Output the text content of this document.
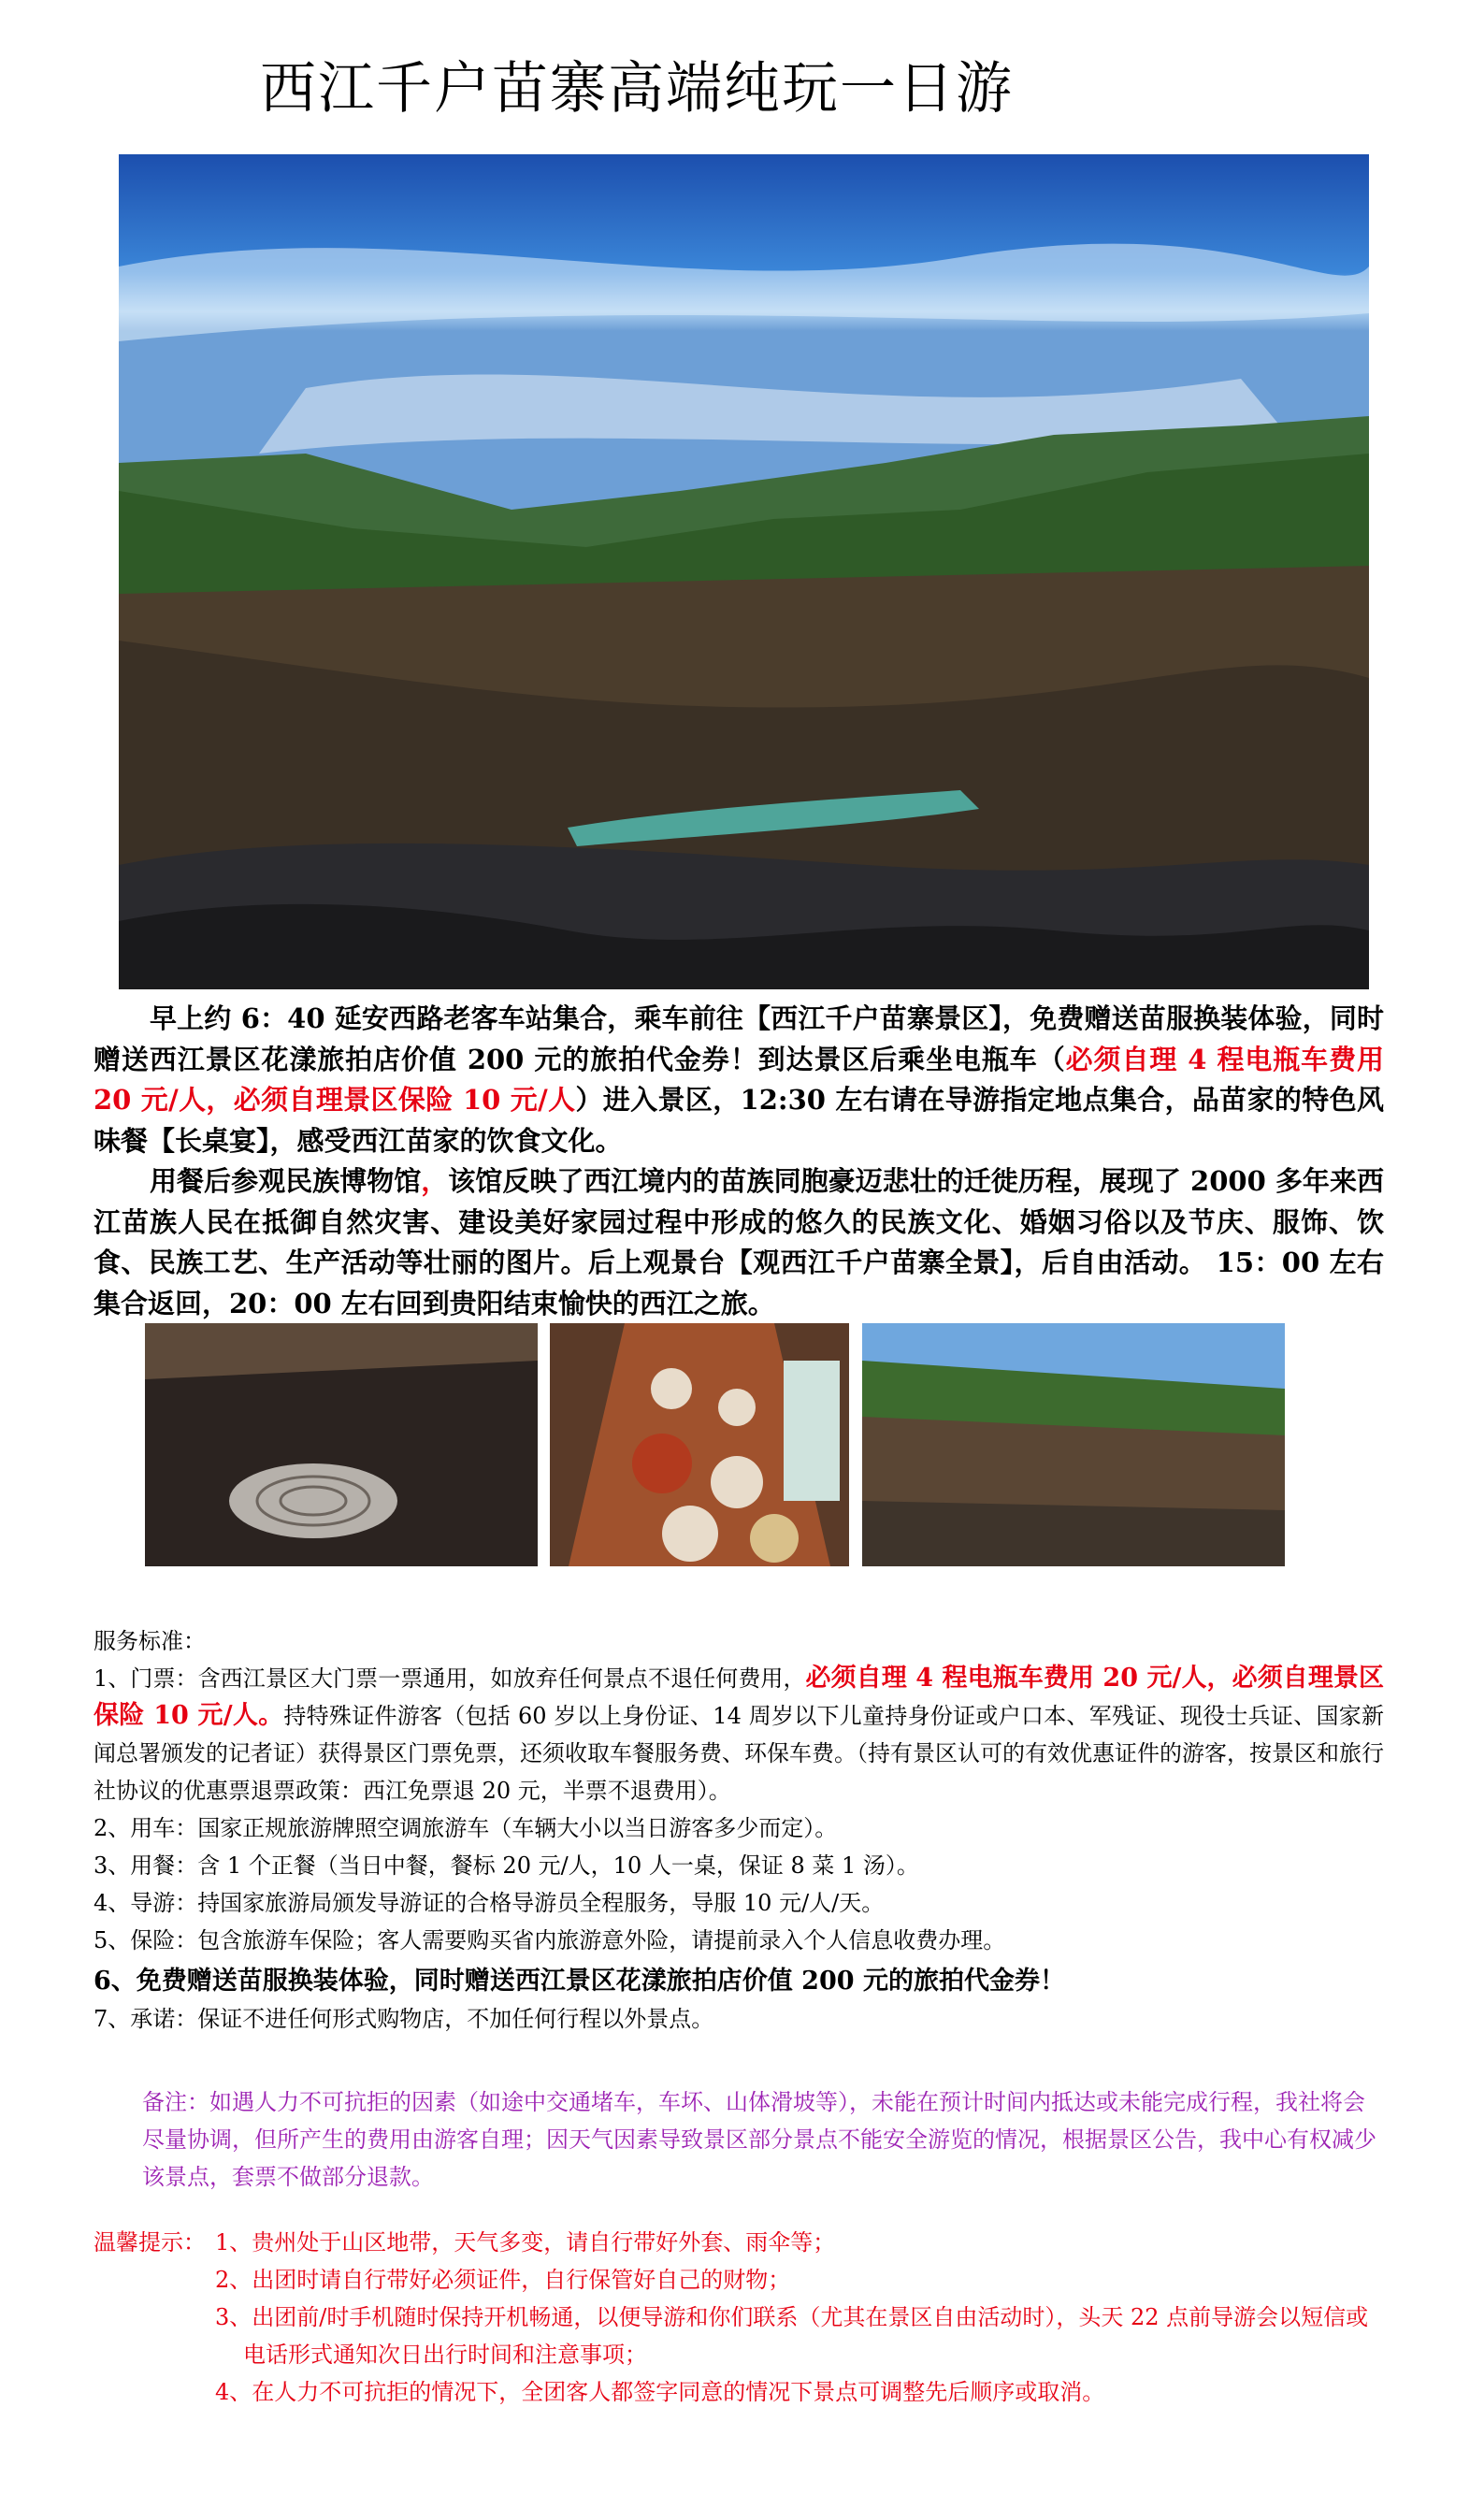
西江千户苗寨高端纯玩一日游

早上约 6：40 延安西路老客车站集合，乘车前往【西江千户苗寨景区】，免费赠送苗服换装体验，同时赠送西江景区花漾旅拍店价值 200 元的旅拍代金券！到达景区后乘坐电瓶车（必须自理 4 程电瓶车费用 20 元/人，必须自理景区保险 10 元/人）进入景区，12:30 左右请在导游指定地点集合，品苗家的特色风味餐【长桌宴】，感受西江苗家的饮食文化。

用餐后参观民族博物馆，该馆反映了西江境内的苗族同胞豪迈悲壮的迁徙历程，展现了 2000 多年来西江苗族人民在抵御自然灾害、建设美好家园过程中形成的悠久的民族文化、婚姻习俗以及节庆、服饰、饮食、民族工艺、生产活动等壮丽的图片。后上观景台【观西江千户苗寨全景】，后自由活动。 15：00 左右集合返回，20：00 左右回到贵阳结束愉快的西江之旅。

服务标准：
1、门票：含西江景区大门票一票通用，如放弃任何景点不退任何费用，必须自理 4 程电瓶车费用 20 元/人，必须自理景区保险 10 元/人。持特殊证件游客（包括 60 岁以上身份证、14 周岁以下儿童持身份证或户口本、军残证、现役士兵证、国家新闻总署颁发的记者证）获得景区门票免票，还须收取车餐服务费、环保车费。（持有景区认可的有效优惠证件的游客，按景区和旅行社协议的优惠票退票政策：西江免票退 20 元，半票不退费用）。
2、用车：国家正规旅游牌照空调旅游车（车辆大小以当日游客多少而定）。
3、用餐：含 1 个正餐（当日中餐，餐标 20 元/人，10 人一桌，保证 8 菜 1 汤）。
4、导游：持国家旅游局颁发导游证的合格导游员全程服务，导服 10 元/人/天。
5、保险：包含旅游车保险；客人需要购买省内旅游意外险，请提前录入个人信息收费办理。
6、免费赠送苗服换装体验，同时赠送西江景区花漾旅拍店价值 200 元的旅拍代金券！
7、承诺：保证不进任何形式购物店，不加任何行程以外景点。
备注：如遇人力不可抗拒的因素（如途中交通堵车，车坏、山体滑坡等），未能在预计时间内抵达或未能完成行程，我社将会尽量协调，但所产生的费用由游客自理；因天气因素导致景区部分景点不能安全游览的情况，根据景区公告，我中心有权减少该景点，套票不做部分退款。
温馨提示： 1、贵州处于山区地带，天气多变，请自行带好外套、雨伞等；
2、出团时请自行带好必须证件，自行保管好自己的财物；
3、出团前/时手机随时保持开机畅通，以便导游和你们联系（尤其在景区自由活动时），头天 22 点前导游会以短信或电话形式通知次日出行时间和注意事项；
4、在人力不可抗拒的情况下，全团客人都签字同意的情况下景点可调整先后顺序或取消。
